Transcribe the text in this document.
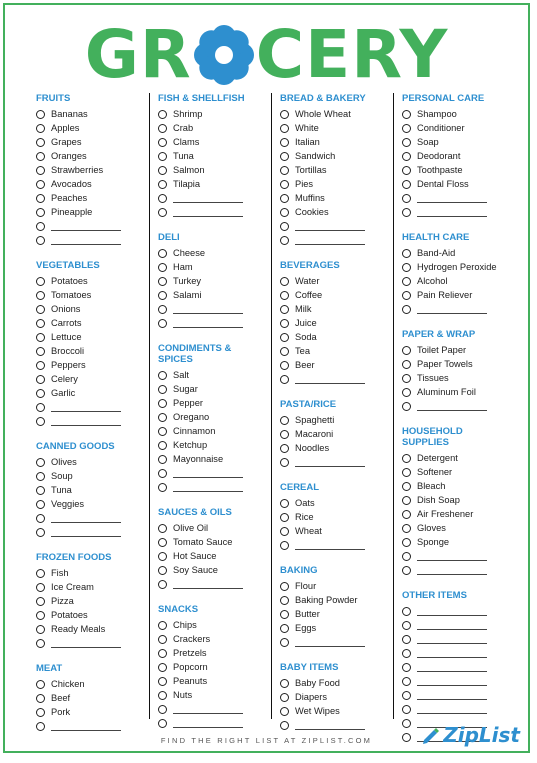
GR CERY
FRUITS
Bananas
Apples
Grapes
Oranges
Strawberries
Avocados
Peaches
Pineapple
VEGETABLES
Potatoes
Tomatoes
Onions
Carrots
Lettuce
Broccoli
Peppers
Celery
Garlic
CANNED GOODS
Olives
Soup
Tuna
Veggies
FROZEN FOODS
Fish
Ice Cream
Pizza
Potatoes
Ready Meals
MEAT
Chicken
Beef
Pork
FISH & SHELLFISH
Shrimp
Crab
Clams
Tuna
Salmon
Tilapia
DELI
Cheese
Ham
Turkey
Salami
CONDIMENTS &
SPICES
Salt
Sugar
Pepper
Oregano
Cinnamon
Ketchup
Mayonnaise
SAUCES & OILS
Olive Oil
Tomato Sauce
Hot Sauce
Soy Sauce
SNACKS
Chips
Crackers
Pretzels
Popcorn
Peanuts
Nuts
BREAD & BAKERY
Whole Wheat
White
Italian
Sandwich
Tortillas
Pies
Muffins
Cookies
BEVERAGES
Water
Coffee
Milk
Juice
Soda
Tea
Beer
PASTA/RICE
Spaghetti
Macaroni
Noodles
CEREAL
Oats
Rice
Wheat
BAKING
Flour
Baking Powder
Butter
Eggs
BABY ITEMS
Baby Food
Diapers
Wet Wipes
PERSONAL CARE
Shampoo
Conditioner
Soap
Deodorant
Toothpaste
Dental Floss
HEALTH CARE
Band-Aid
Hydrogen Peroxide
Alcohol
Pain Reliever
PAPER & WRAP
Toilet Paper
Paper Towels
Tissues
Aluminum Foil
HOUSEHOLD
SUPPLIES
Detergent
Softener
Bleach
Dish Soap
Air Freshener
Gloves
Sponge
OTHER ITEMS
FIND THE RIGHT LIST AT ZIPLIST.COM	ZipList
